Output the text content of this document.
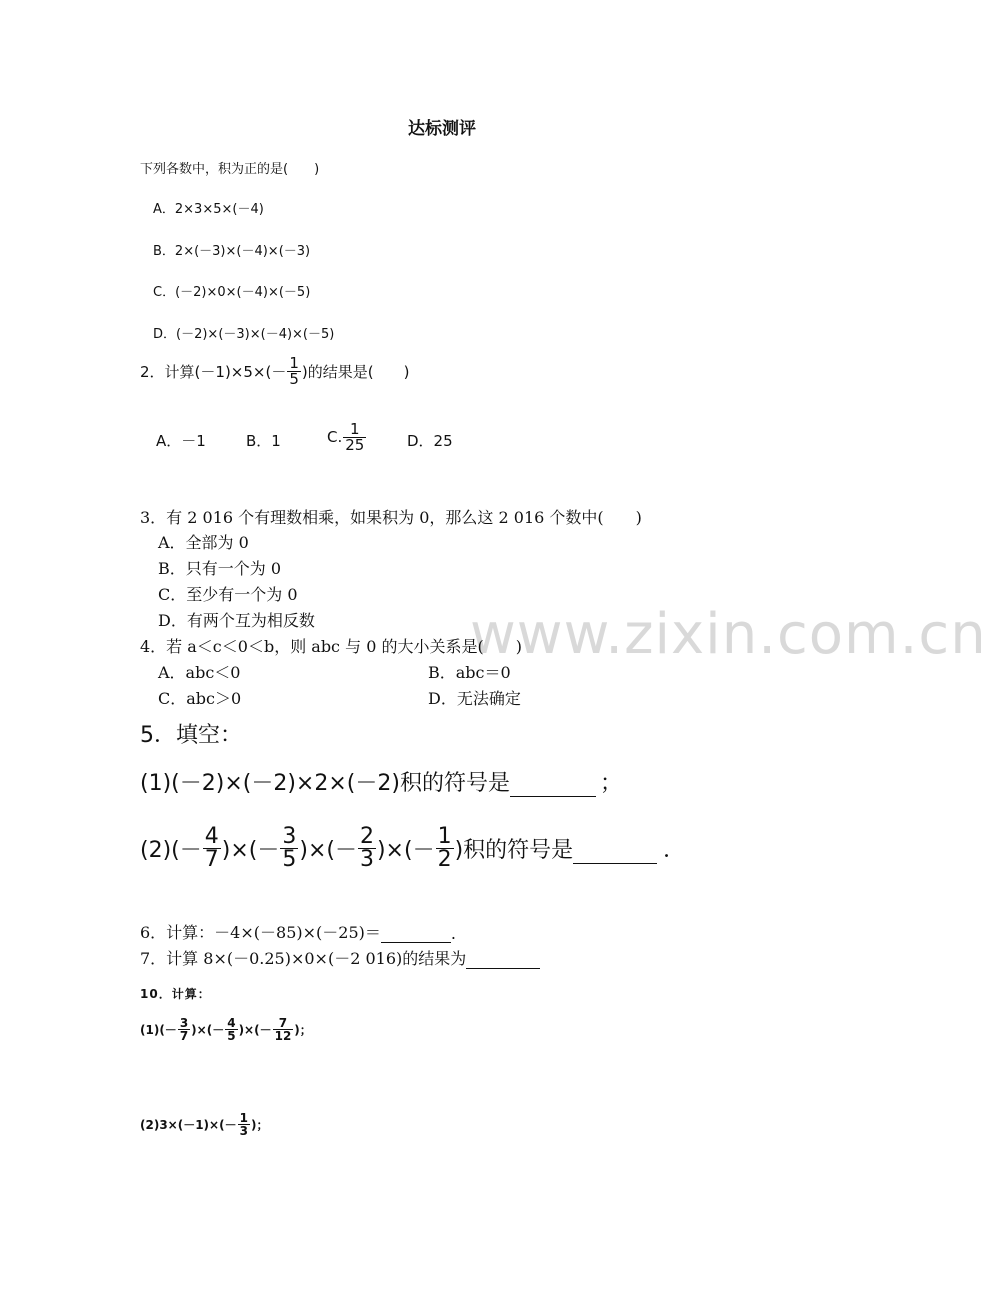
www.zixin.com.cn
达标测评
下列各数中，积为正的是(　　)
A．2×3×5×(－4)
B．2×(－3)×(－4)×(－3)
C．(－2)×0×(－4)×(－5)
D．(－2)×(－3)×(－4)×(－5)
2．计算$(-1)\times 5\times(- \frac{1}{5}$ )的结果是(　　)
A．－1	B．1	C. $\frac{1}{25}$	D．25
3．有 2 016 个有理数相乘，如果积为 0，那么这 2 016 个数中(　　)
A．全部为 0
B．只有一个为 0
C．至少有一个为 0
D．有两个互为相反数
4．若 a＜c＜0＜b，则 abc 与 0 的大小关系是(　　)
A．abc＜0	B．abc＝0
C．abc＞0	D．无法确定
5．填空：
(1)(－2)×(－2)×2×(－2)积的符号是	；
$(2)(- \frac{4}{7}$ )×(－ $\frac{3}{5}$ )×(－ $\frac{2}{3}$ )×(－ $\frac{1}{2}$ )积的符号是	．
6．计算：－4×(－85)×(－25)＝	.
7．计算 8×(－0.25)×0×(－2 016)的结果为
10．计算：
$(1)(- \frac{3}{7}$ )×(－ $\frac{4}{5}$ )×(－ $\frac{7}{12}$ )；
$(2)3\times(-1)\times(- \frac{1}{3}$ )；
